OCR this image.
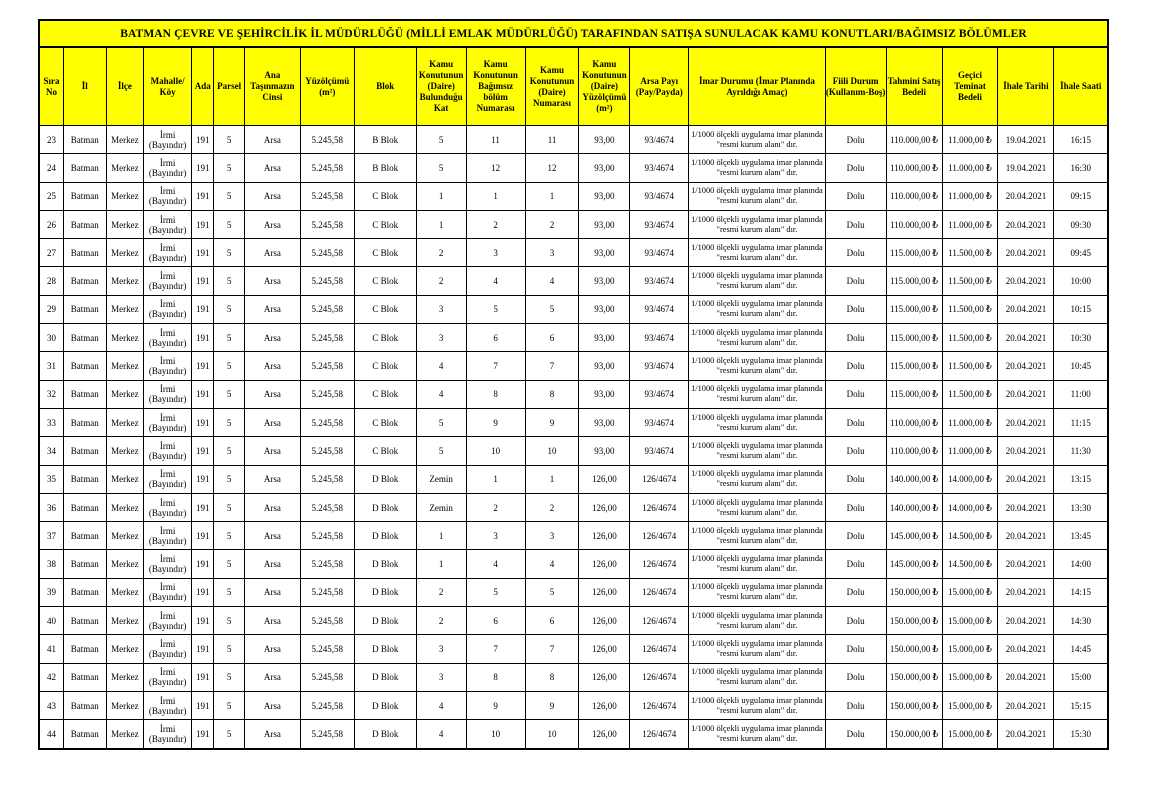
BATMAN ÇEVRE VE ŞEHİRCİLİK İL MÜDÜRLÜĞÜ (MİLLİ EMLAK MÜDÜRLÜĞÜ) TARAFINDAN SATIŞA SUNULACAK KAMU KONUTLARI/BAĞIMSIZ BÖLÜMLER																			
Sıra No	İl	İlçe	Mahalle/ Köy	Ada	Parsel	Ana Taşınmazın Cinsi	Yüzölçümü (m²)	Blok	Kamu Konutunun (Daire) Bulunduğu Kat	Kamu Konutunun Bağımsız bölüm Numarası	Kamu Konutunun (Daire) Numarası	Kamu Konutunun (Daire) Yüzölçümü (m²)	Arsa Payı (Pay/Payda)	İmar Durumu (İmar Planında Ayrıldığı Amaç)	Fiili Durum (Kullanım-Boş)	Tahmini Satış Bedeli	Geçici Teminat Bedeli	İhale Tarihi	İhale Saati
23	Batman	Merkez	İrmi (Bayındır)	191	5	Arsa	5.245,58	B Blok	5	11	11	93,00	93/4674	1/1000 ölçekli uygulama imar planında "resmi kurum alanı" dır.	Dolu	110.000,00 ₺	11.000,00 ₺	19.04.2021	16:15
24	Batman	Merkez	İrmi (Bayındır)	191	5	Arsa	5.245,58	B Blok	5	12	12	93,00	93/4674	1/1000 ölçekli uygulama imar planında "resmi kurum alanı" dır.	Dolu	110.000,00 ₺	11.000,00 ₺	19.04.2021	16:30
25	Batman	Merkez	İrmi (Bayındır)	191	5	Arsa	5.245,58	C Blok	1	1	1	93,00	93/4674	1/1000 ölçekli uygulama imar planında "resmi kurum alanı" dır.	Dolu	110.000,00 ₺	11.000,00 ₺	20.04.2021	09:15
26	Batman	Merkez	İrmi (Bayındır)	191	5	Arsa	5.245,58	C Blok	1	2	2	93,00	93/4674	1/1000 ölçekli uygulama imar planında "resmi kurum alanı" dır.	Dolu	110.000,00 ₺	11.000,00 ₺	20.04.2021	09:30
27	Batman	Merkez	İrmi (Bayındır)	191	5	Arsa	5.245,58	C Blok	2	3	3	93,00	93/4674	1/1000 ölçekli uygulama imar planında "resmi kurum alanı" dır.	Dolu	115.000,00 ₺	11.500,00 ₺	20.04.2021	09:45
28	Batman	Merkez	İrmi (Bayındır)	191	5	Arsa	5.245,58	C Blok	2	4	4	93,00	93/4674	1/1000 ölçekli uygulama imar planında "resmi kurum alanı" dır.	Dolu	115.000,00 ₺	11.500,00 ₺	20.04.2021	10:00
29	Batman	Merkez	İrmi (Bayındır)	191	5	Arsa	5.245,58	C Blok	3	5	5	93,00	93/4674	1/1000 ölçekli uygulama imar planında "resmi kurum alanı" dır.	Dolu	115.000,00 ₺	11.500,00 ₺	20.04.2021	10:15
30	Batman	Merkez	İrmi (Bayındır)	191	5	Arsa	5.245,58	C Blok	3	6	6	93,00	93/4674	1/1000 ölçekli uygulama imar planında "resmi kurum alanı" dır.	Dolu	115.000,00 ₺	11.500,00 ₺	20.04.2021	10:30
31	Batman	Merkez	İrmi (Bayındır)	191	5	Arsa	5.245,58	C Blok	4	7	7	93,00	93/4674	1/1000 ölçekli uygulama imar planında "resmi kurum alanı" dır.	Dolu	115.000,00 ₺	11.500,00 ₺	20.04.2021	10:45
32	Batman	Merkez	İrmi (Bayındır)	191	5	Arsa	5.245,58	C Blok	4	8	8	93,00	93/4674	1/1000 ölçekli uygulama imar planında "resmi kurum alanı" dır.	Dolu	115.000,00 ₺	11.500,00 ₺	20.04.2021	11:00
33	Batman	Merkez	İrmi (Bayındır)	191	5	Arsa	5.245,58	C Blok	5	9	9	93,00	93/4674	1/1000 ölçekli uygulama imar planında "resmi kurum alanı" dır.	Dolu	110.000,00 ₺	11.000,00 ₺	20.04.2021	11:15
34	Batman	Merkez	İrmi (Bayındır)	191	5	Arsa	5.245,58	C Blok	5	10	10	93,00	93/4674	1/1000 ölçekli uygulama imar planında "resmi kurum alanı" dır.	Dolu	110.000,00 ₺	11.000,00 ₺	20.04.2021	11:30
35	Batman	Merkez	İrmi (Bayındır)	191	5	Arsa	5.245,58	D Blok	Zemin	1	1	126,00	126/4674	1/1000 ölçekli uygulama imar planında "resmi kurum alanı" dır.	Dolu	140.000,00 ₺	14.000,00 ₺	20.04.2021	13:15
36	Batman	Merkez	İrmi (Bayındır)	191	5	Arsa	5.245,58	D Blok	Zemin	2	2	126,00	126/4674	1/1000 ölçekli uygulama imar planında "resmi kurum alanı" dır.	Dolu	140.000,00 ₺	14.000,00 ₺	20.04.2021	13:30
37	Batman	Merkez	İrmi (Bayındır)	191	5	Arsa	5.245,58	D Blok	1	3	3	126,00	126/4674	1/1000 ölçekli uygulama imar planında "resmi kurum alanı" dır.	Dolu	145.000,00 ₺	14.500,00 ₺	20.04.2021	13:45
38	Batman	Merkez	İrmi (Bayındır)	191	5	Arsa	5.245,58	D Blok	1	4	4	126,00	126/4674	1/1000 ölçekli uygulama imar planında "resmi kurum alanı" dır.	Dolu	145.000,00 ₺	14.500,00 ₺	20.04.2021	14:00
39	Batman	Merkez	İrmi (Bayındır)	191	5	Arsa	5.245,58	D Blok	2	5	5	126,00	126/4674	1/1000 ölçekli uygulama imar planında "resmi kurum alanı" dır.	Dolu	150.000,00 ₺	15.000,00 ₺	20.04.2021	14:15
40	Batman	Merkez	İrmi (Bayındır)	191	5	Arsa	5.245,58	D Blok	2	6	6	126,00	126/4674	1/1000 ölçekli uygulama imar planında "resmi kurum alanı" dır.	Dolu	150.000,00 ₺	15.000,00 ₺	20.04.2021	14:30
41	Batman	Merkez	İrmi (Bayındır)	191	5	Arsa	5.245,58	D Blok	3	7	7	126,00	126/4674	1/1000 ölçekli uygulama imar planında "resmi kurum alanı" dır.	Dolu	150.000,00 ₺	15.000,00 ₺	20.04.2021	14:45
42	Batman	Merkez	İrmi (Bayındır)	191	5	Arsa	5.245,58	D Blok	3	8	8	126,00	126/4674	1/1000 ölçekli uygulama imar planında "resmi kurum alanı" dır.	Dolu	150.000,00 ₺	15.000,00 ₺	20.04.2021	15:00
43	Batman	Merkez	İrmi (Bayındır)	191	5	Arsa	5.245,58	D Blok	4	9	9	126,00	126/4674	1/1000 ölçekli uygulama imar planında "resmi kurum alanı" dır.	Dolu	150.000,00 ₺	15.000,00 ₺	20.04.2021	15:15
44	Batman	Merkez	İrmi (Bayındır)	191	5	Arsa	5.245,58	D Blok	4	10	10	126,00	126/4674	1/1000 ölçekli uygulama imar planında "resmi kurum alanı" dır.	Dolu	150.000,00 ₺	15.000,00 ₺	20.04.2021	15:30
